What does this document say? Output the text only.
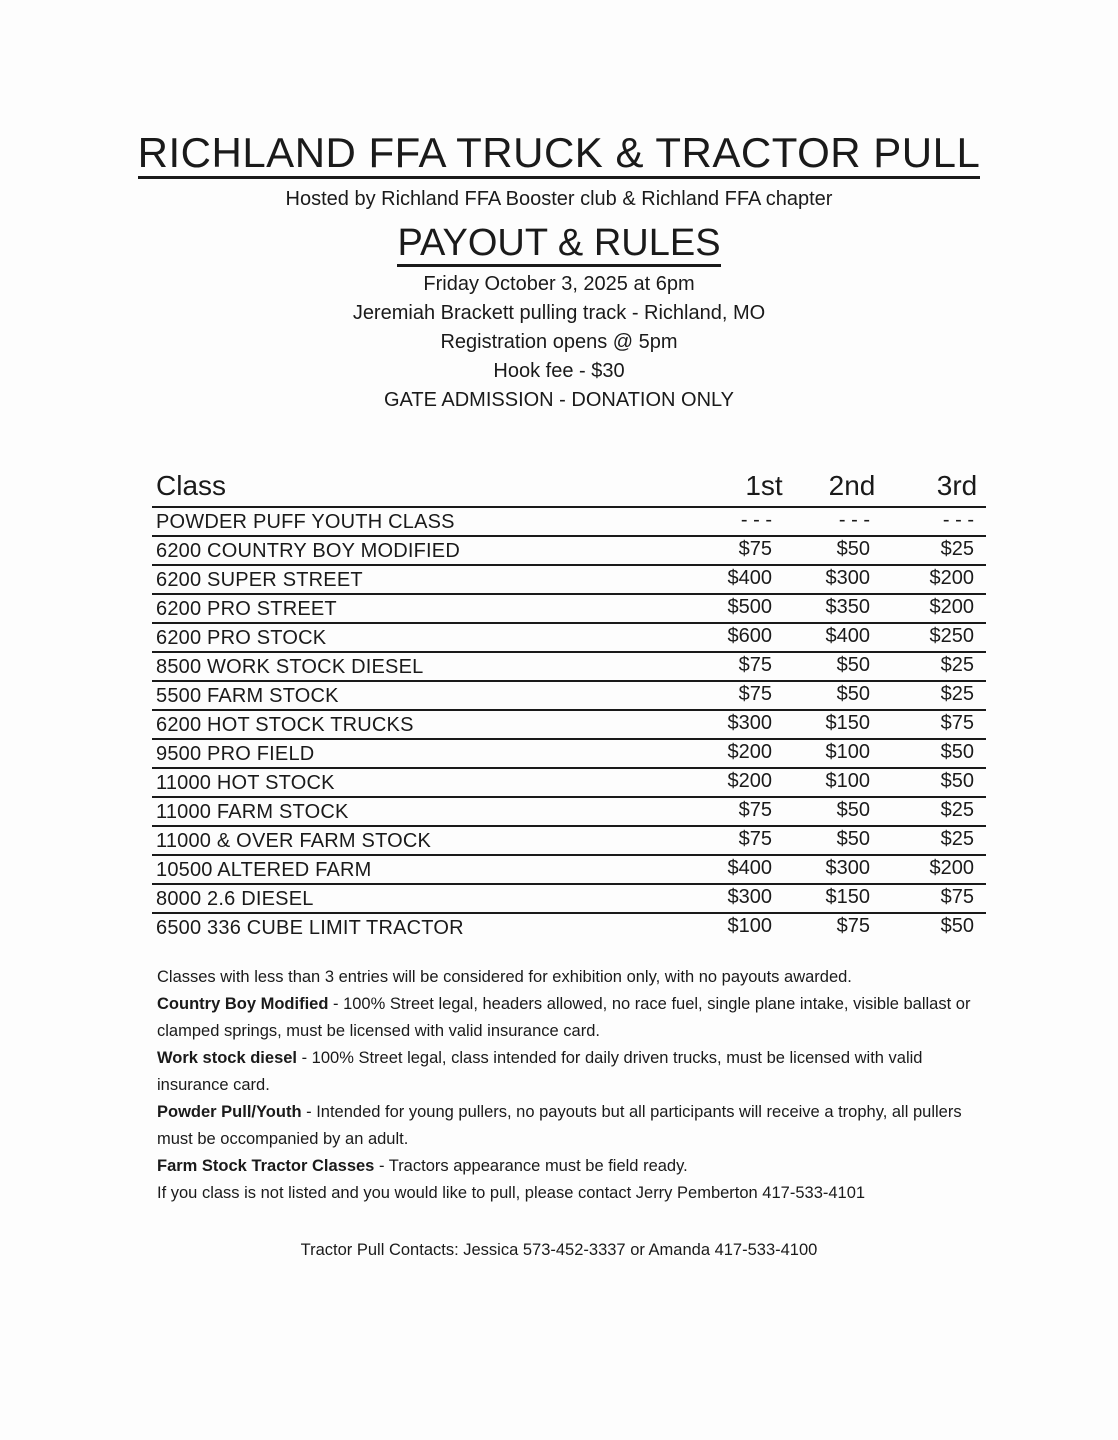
RICHLAND FFA TRUCK & TRACTOR PULL
Hosted by Richland FFA Booster club & Richland FFA chapter
PAYOUT & RULES
Friday October 3, 2025 at 6pm
Jeremiah Brackett pulling track - Richland, MO
Registration opens @ 5pm
Hook fee - $30
GATE ADMISSION - DONATION ONLY
Class	1st 2nd 3rd
POWDER PUFF YOUTH CLASS	- - -	- - -	- - -
6200 COUNTRY BOY MODIFIED	$75	$50	$25
6200 SUPER STREET	$400	$300	$200
6200 PRO STREET	$500	$350	$200
6200 PRO STOCK	$600	$400	$250
8500 WORK STOCK DIESEL	$75	$50	$25
5500 FARM STOCK	$75	$50	$25
6200 HOT STOCK TRUCKS	$300	$150	$75
9500 PRO FIELD	$200	$100	$50
11000 HOT STOCK	$200	$100	$50
11000 FARM STOCK	$75	$50	$25
11000 & OVER FARM STOCK	$75	$50	$25
10500 ALTERED FARM	$400	$300	$200
8000 2.6 DIESEL	$300	$150	$75
6500 336 CUBE LIMIT TRACTOR	$100	$75	$50

Classes with less than 3 entries will be considered for exhibition only, with no payouts awarded.

Country Boy Modified - 100% Street legal, headers allowed, no race fuel, single plane intake, visible ballast or clamped springs, must be licensed with valid insurance card.

Work stock diesel - 100% Street legal, class intended for daily driven trucks, must be licensed with valid insurance card.

Powder Pull/Youth - Intended for young pullers, no payouts but all participants will receive a trophy, all pullers must be occompanied by an adult.

Farm Stock Tractor Classes - Tractors appearance must be field ready.

If you class is not listed and you would like to pull, please contact Jerry Pemberton 417-533-4101

Tractor Pull Contacts: Jessica 573-452-3337 or Amanda 417-533-4100
